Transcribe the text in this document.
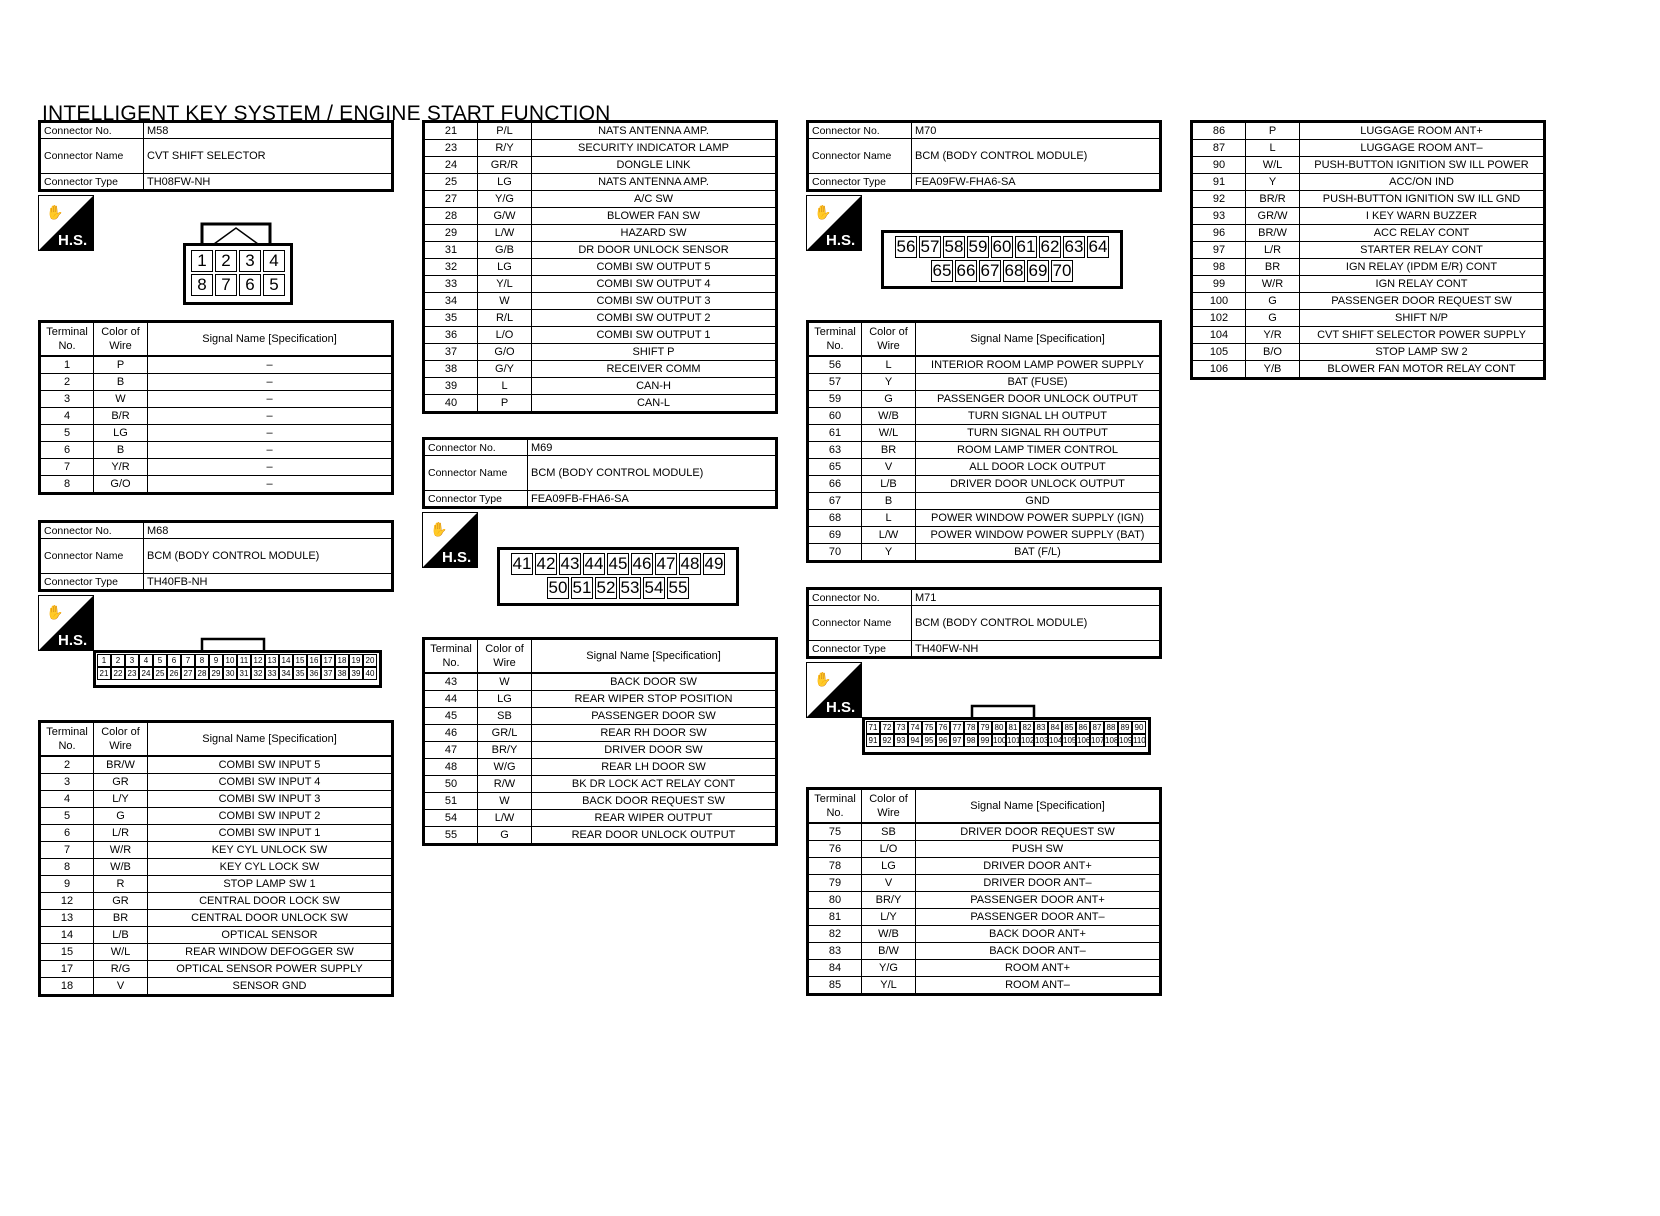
INTELLIGENT KEY SYSTEM / ENGINE START FUNCTION
Connector No.	M58
Connector Name	CVT SHIFT SELECTOR
Connector Type	TH08FW-NH
✋
H.S.
1 2 3 4
8 7 6 5
Terminal No.	Color of Wire	Signal Name [Specification]
1	P	–
2	B	–
3	W	–
4	B/R	–
5	LG	–
6	B	–
7	Y/R	–
8	G/O	–
Connector No.	M68
Connector Name	BCM (BODY CONTROL MODULE)
Connector Type	TH40FB-NH
✋
H.S.
1	2	3	4	5	6	7	8	9 10 11 12 13 14 15 16 17 18 19 20
21 22 23 24 25 26 27 28 29 30 31 32 33 34 35 36 37 38 39 40
Terminal No.	Color of Wire	Signal Name [Specification]
2	BR/W	COMBI SW INPUT 5
3	GR	COMBI SW INPUT 4
4	L/Y	COMBI SW INPUT 3
5	G	COMBI SW INPUT 2
6	L/R	COMBI SW INPUT 1
7	W/R	KEY CYL UNLOCK SW
8	W/B	KEY CYL LOCK SW
9	R	STOP LAMP SW 1
12	GR	CENTRAL DOOR LOCK SW
13	BR	CENTRAL DOOR UNLOCK SW
14	L/B	OPTICAL SENSOR
15	W/L	REAR WINDOW DEFOGGER SW
17	R/G	OPTICAL SENSOR POWER SUPPLY
18	V	SENSOR GND
21	P/L	NATS ANTENNA AMP.
23	R/Y	SECURITY INDICATOR LAMP
24	GR/R	DONGLE LINK
25	LG	NATS ANTENNA AMP.
27	Y/G	A/C SW
28	G/W	BLOWER FAN SW
29	L/W	HAZARD SW
31	G/B	DR DOOR UNLOCK SENSOR
32	LG	COMBI SW OUTPUT 5
33	Y/L	COMBI SW OUTPUT 4
34	W	COMBI SW OUTPUT 3
35	R/L	COMBI SW OUTPUT 2
36	L/O	COMBI SW OUTPUT 1
37	G/O	SHIFT P
38	G/Y	RECEIVER COMM
39	L	CAN-H
40	P	CAN-L
Connector No.	M69
Connector Name	BCM (BODY CONTROL MODULE)
Connector Type	FEA09FB-FHA6-SA
✋
H.S. 41 42 43 44 45 46 47 48 49
50 51 52 53 54 55
Terminal No.	Color of Wire	Signal Name [Specification]
43	W	BACK DOOR SW
44	LG	REAR WIPER STOP POSITION
45	SB	PASSENGER DOOR SW
46	GR/L	REAR RH DOOR SW
47	BR/Y	DRIVER DOOR SW
48	W/G	REAR LH DOOR SW
50	R/W	BK DR LOCK ACT RELAY CONT
51	W	BACK DOOR REQUEST SW
54	L/W	REAR WIPER OUTPUT
55	G	REAR DOOR UNLOCK OUTPUT
Connector No.	M70
Connector Name	BCM (BODY CONTROL MODULE)
Connector Type	FEA09FW-FHA6-SA
✋
H.S. 56 57 58 59 60 61 62 63 64
65 66 67 68 69 70
Terminal No.	Color of Wire	Signal Name [Specification]
56	L	INTERIOR ROOM LAMP POWER SUPPLY
57	Y	BAT (FUSE)
59	G	PASSENGER DOOR UNLOCK OUTPUT
60	W/B	TURN SIGNAL LH OUTPUT
61	W/L	TURN SIGNAL RH OUTPUT
63	BR	ROOM LAMP TIMER CONTROL
65	V	ALL DOOR LOCK OUTPUT
66	L/B	DRIVER DOOR UNLOCK OUTPUT
67	B	GND
68	L	POWER WINDOW POWER SUPPLY (IGN)
69	L/W	POWER WINDOW POWER SUPPLY (BAT)
70	Y	BAT (F/L)
Connector No.	M71
Connector Name	BCM (BODY CONTROL MODULE)
Connector Type	TH40FW-NH
✋
H.S.
71 72 73 74 75 76 77 78 79 80 81 82 83 84 85 86 87 88 89 90
91 92 93 94 95 96 97 98 99 100 101 102 103 104 105 106 107 108 109 110
Terminal No.	Color of Wire	Signal Name [Specification]
75	SB	DRIVER DOOR REQUEST SW
76	L/O	PUSH SW
78	LG	DRIVER DOOR ANT+
79	V	DRIVER DOOR ANT–
80	BR/Y	PASSENGER DOOR ANT+
81	L/Y	PASSENGER DOOR ANT–
82	W/B	BACK DOOR ANT+
83	B/W	BACK DOOR ANT–
84	Y/G	ROOM ANT+
85	Y/L	ROOM ANT–
86	P	LUGGAGE ROOM ANT+
87	L	LUGGAGE ROOM ANT–
90	W/L	PUSH-BUTTON IGNITION SW ILL POWER
91	Y	ACC/ON IND
92	BR/R	PUSH-BUTTON IGNITION SW ILL GND
93	GR/W	I KEY WARN BUZZER
96	BR/W	ACC RELAY CONT
97	L/R	STARTER RELAY CONT
98	BR	IGN RELAY (IPDM E/R) CONT
99	W/R	IGN RELAY CONT
100	G	PASSENGER DOOR REQUEST SW
102	G	SHIFT N/P
104	Y/R	CVT SHIFT SELECTOR POWER SUPPLY
105	B/O	STOP LAMP SW 2
106	Y/B	BLOWER FAN MOTOR RELAY CONT
